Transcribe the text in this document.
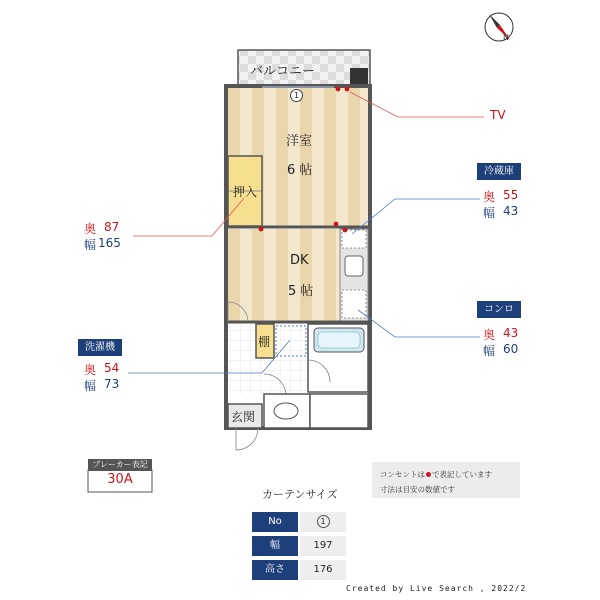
N
バルコニー
1
洋室
6 帖
押入
DK
5 帖
棚
玄関
TV
冷蔵庫
奥 55
幅 43
コンロ
奥 43
幅 60
奥 87
幅 165
洗濯機
奥 54
幅 73
ブレーカー表記
30A	コンセントは で表記しています
寸法は目安の数値です
カーテンサイズ
No	1
幅	197
高さ	176
Created by Live Search , 2022/2
